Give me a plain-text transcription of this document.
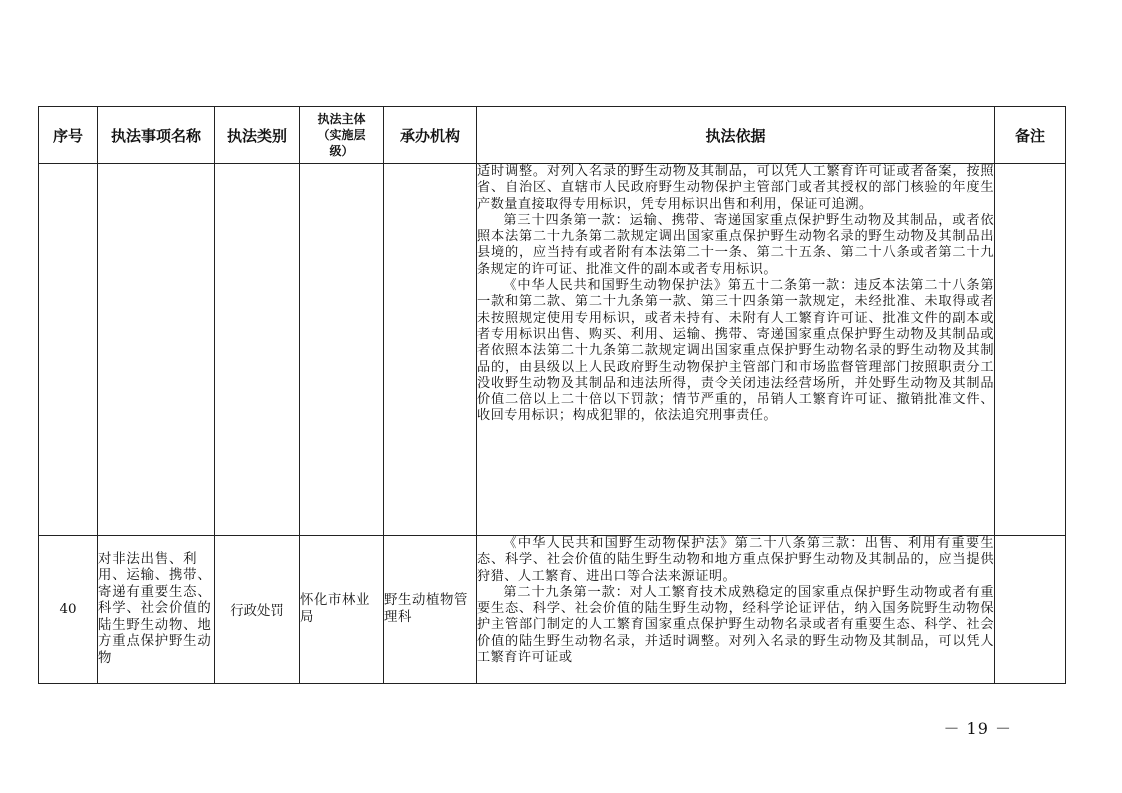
序号	执法事项名称	执法类别	执法主体
（实施层
级）	承办机构	执法依据	备注

					适时调整。对列入名录的野生动物及其制品，可以凭人工繁育许可证或者备案，按照省、自治区、直辖市人民政府野生动物保护主管部门或者其授权的部门核验的年度生产数量直接取得专用标识，凭专用标识出售和利用，保证可追溯。

第三十四条第一款：运输、携带、寄递国家重点保护野生动物及其制品，或者依照本法第二十九条第二款规定调出国家重点保护野生动物名录的野生动物及其制品出县境的，应当持有或者附有本法第二十一条、第二十五条、第二十八条或者第二十九条规定的许可证、批准文件的副本或者专用标识。

《中华人民共和国野生动物保护法》第五十二条第一款：违反本法第二十八条第一款和第二款、第二十九条第一款、第三十四条第一款规定，未经批准、未取得或者未按照规定使用专用标识，或者未持有、未附有人工繁育许可证、批准文件的副本或者专用标识出售、购买、利用、运输、携带、寄递国家重点保护野生动物及其制品或者依照本法第二十九条第二款规定调出国家重点保护野生动物名录的野生动物及其制品的，由县级以上人民政府野生动物保护主管部门和市场监督管理部门按照职责分工没收野生动物及其制品和违法所得，责令关闭违法经营场所，并处野生动物及其制品价值二倍以上二十倍以下罚款；情节严重的，吊销人工繁育许可证、撤销批准文件、收回专用标识；构成犯罪的，依法追究刑事责任。	

40	对非法出售、利用、运输、携带、寄递有重要生态、科学、社会价值的陆生野生动物、地方重点保护野生动物	行政处罚	怀化市林业局	野生动植物管理科	《中华人民共和国野生动物保护法》第二十八条第三款：出售、利用有重要生态、科学、社会价值的陆生野生动物和地方重点保护野生动物及其制品的，应当提供狩猎、人工繁育、进出口等合法来源证明。

第二十九条第一款：对人工繁育技术成熟稳定的国家重点保护野生动物或者有重要生态、科学、社会价值的陆生野生动物，经科学论证评估，纳入国务院野生动物保护主管部门制定的人工繁育国家重点保护野生动物名录或者有重要生态、科学、社会价值的陆生野生动物名录，并适时调整。对列入名录的野生动物及其制品，可以凭人工繁育许可证或	

－ 19 －
